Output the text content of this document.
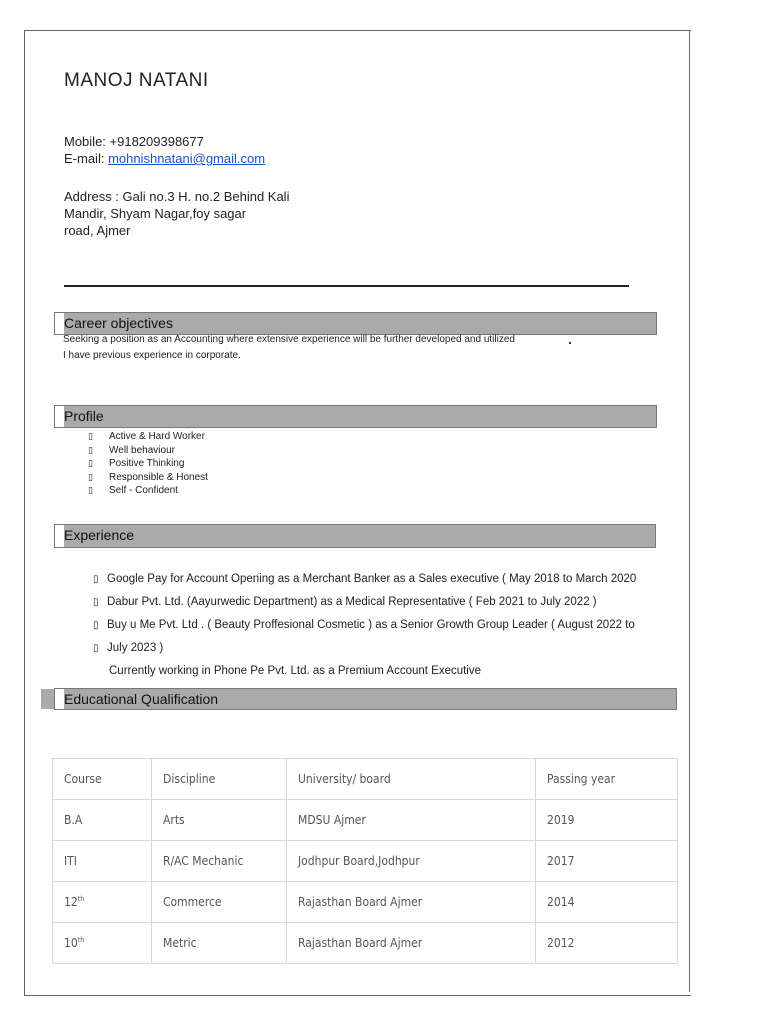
MANOJ NATANI
Mobile: +918209398677
E-mail: mohnishnatani@gmail.com
Address : Gali no.3 H. no.2 Behind Kali
Mandir, Shyam Nagar,foy sagar
road, Ajmer
Career objectives
Seeking a position as an Accounting where extensive experience will be further developed and utilized
I have previous experience in corporate.
Profile
▯ Active & Hard Worker
▯ Well behaviour
▯ Positive Thinking
▯ Responsible & Honest
▯ Self - Confident
Experience
▯ Google Pay for Account Opening as a Merchant Banker as a Sales executive ( May 2018 to March 2020
▯ Dabur Pvt. Ltd. (Aayurwedic Department) as a Medical Representative ( Feb 2021 to July 2022 )
▯ Buy u Me Pvt. Ltd . ( Beauty Proffesional Cosmetic ) as a Senior Growth Group Leader ( August 2022 to
▯ July 2023 )
Currently working in Phone Pe Pvt. Ltd. as a Premium Account Executive
Educational Qualification
Course	Discipline	University/ board	Passing year
B.A	Arts	MDSU Ajmer	2019
ITI	R/AC Mechanic	Jodhpur Board,Jodhpur	2017
12th	Commerce	Rajasthan Board Ajmer	2014
10th	Metric	Rajasthan Board Ajmer	2012
